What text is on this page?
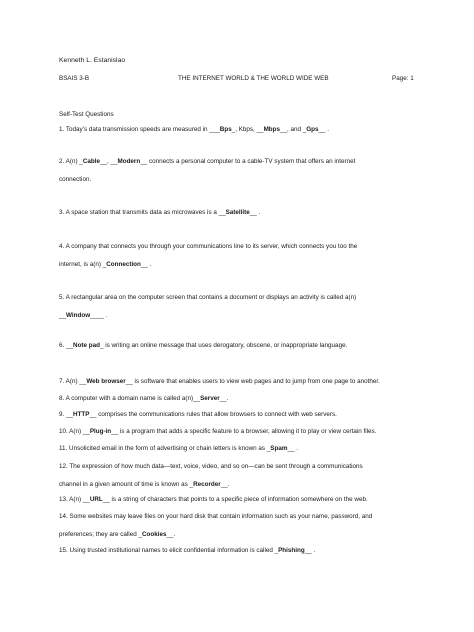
Kenneth L. Estanislao
BSAIS 3-B	THE INTERNET WORLD & THE WORLD WIDE WEB	Page: 1
Self-Test Questions
1. Today’s data transmission speeds are measured in ___Bps_, Kbps, __Mbps__, and _Gps__ .
2. A(n) _Cable__, __Modern__ connects a personal computer to a cable-TV system that offers an internet
connection.
3. A space station that transmits data as microwaves is a __Satellite__ .
4. A company that connects you through your communications line to its server, which connects you too the
internet, is a(n) _Connection__ .
5. A rectangular area on the computer screen that contains a document or displays an activity is called a(n)
__Window____ .
6. __Note pad_ is writing an online message that uses derogatory, obscene, or inappropriate language.
7. A(n) __Web browser__ is software that enables users to view web pages and to jump from one page to another.
8. A computer with a domain name is called a(n)__Server__.
9. __HTTP__ comprises the communications rules that allow browsers to connect with web servers.
10. A(n) __Plug-in__ is a program that adds a specific feature to a browser, allowing it to play or view certain files.
11. Unsolicited email in the form of advertising or chain letters is known as _Spam__ .
12. The expression of how much data—text, voice, video, and so on—can be sent through a communications
channel in a given amount of time is known as _Recorder__.
13. A(n) __URL__ is a string of characters that points to a specific piece of information somewhere on the web.
14. Some websites may leave files on your hard disk that contain information such as your name, password, and
preferences; they are called _Cookies__.
15. Using trusted institutional names to elicit confidential information is called _Phishing__ .
